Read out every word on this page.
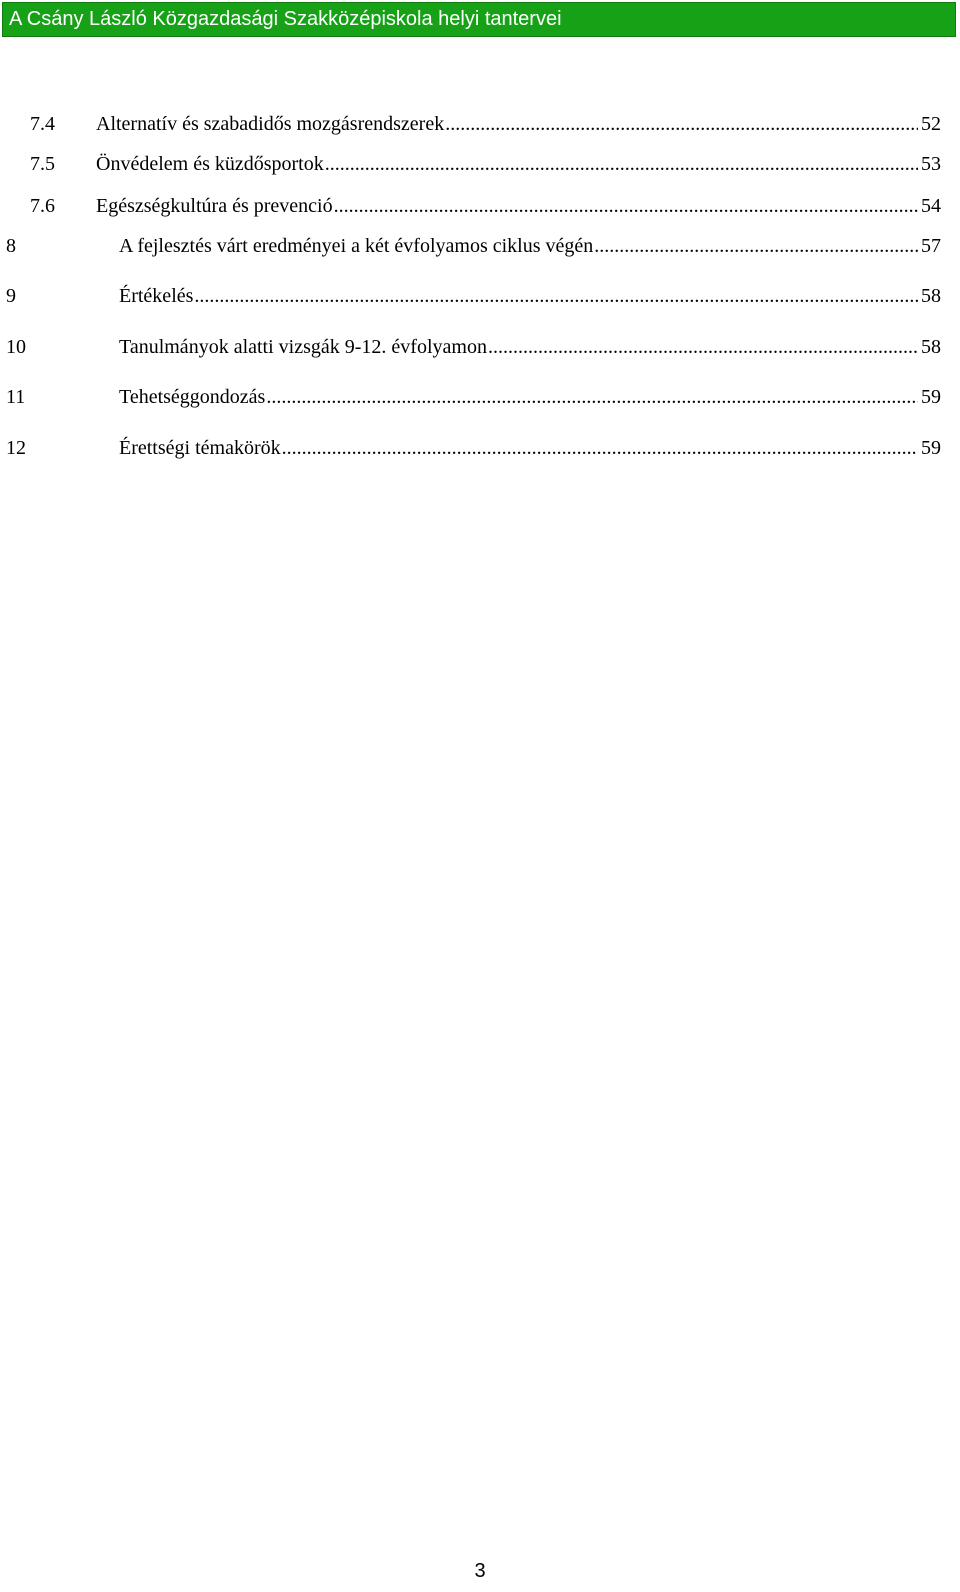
A Csány László Közgazdasági Szakközépiskola helyi tantervei
7.4	Alternatív és szabadidős mozgásrendszerek .....	52
7.5	Önvédelem és küzdősportok .....	53
7.6	Egészségkultúra és prevenció .....	54
8	A fejlesztés várt eredményei a két évfolyamos ciklus végén .....	57
9	Értékelés .....	58
10	Tanulmányok alatti vizsgák 9-12. évfolyamon .....	58
11	Tehetséggondozás .....	59
12	Érettségi témakörök .....	59
3
